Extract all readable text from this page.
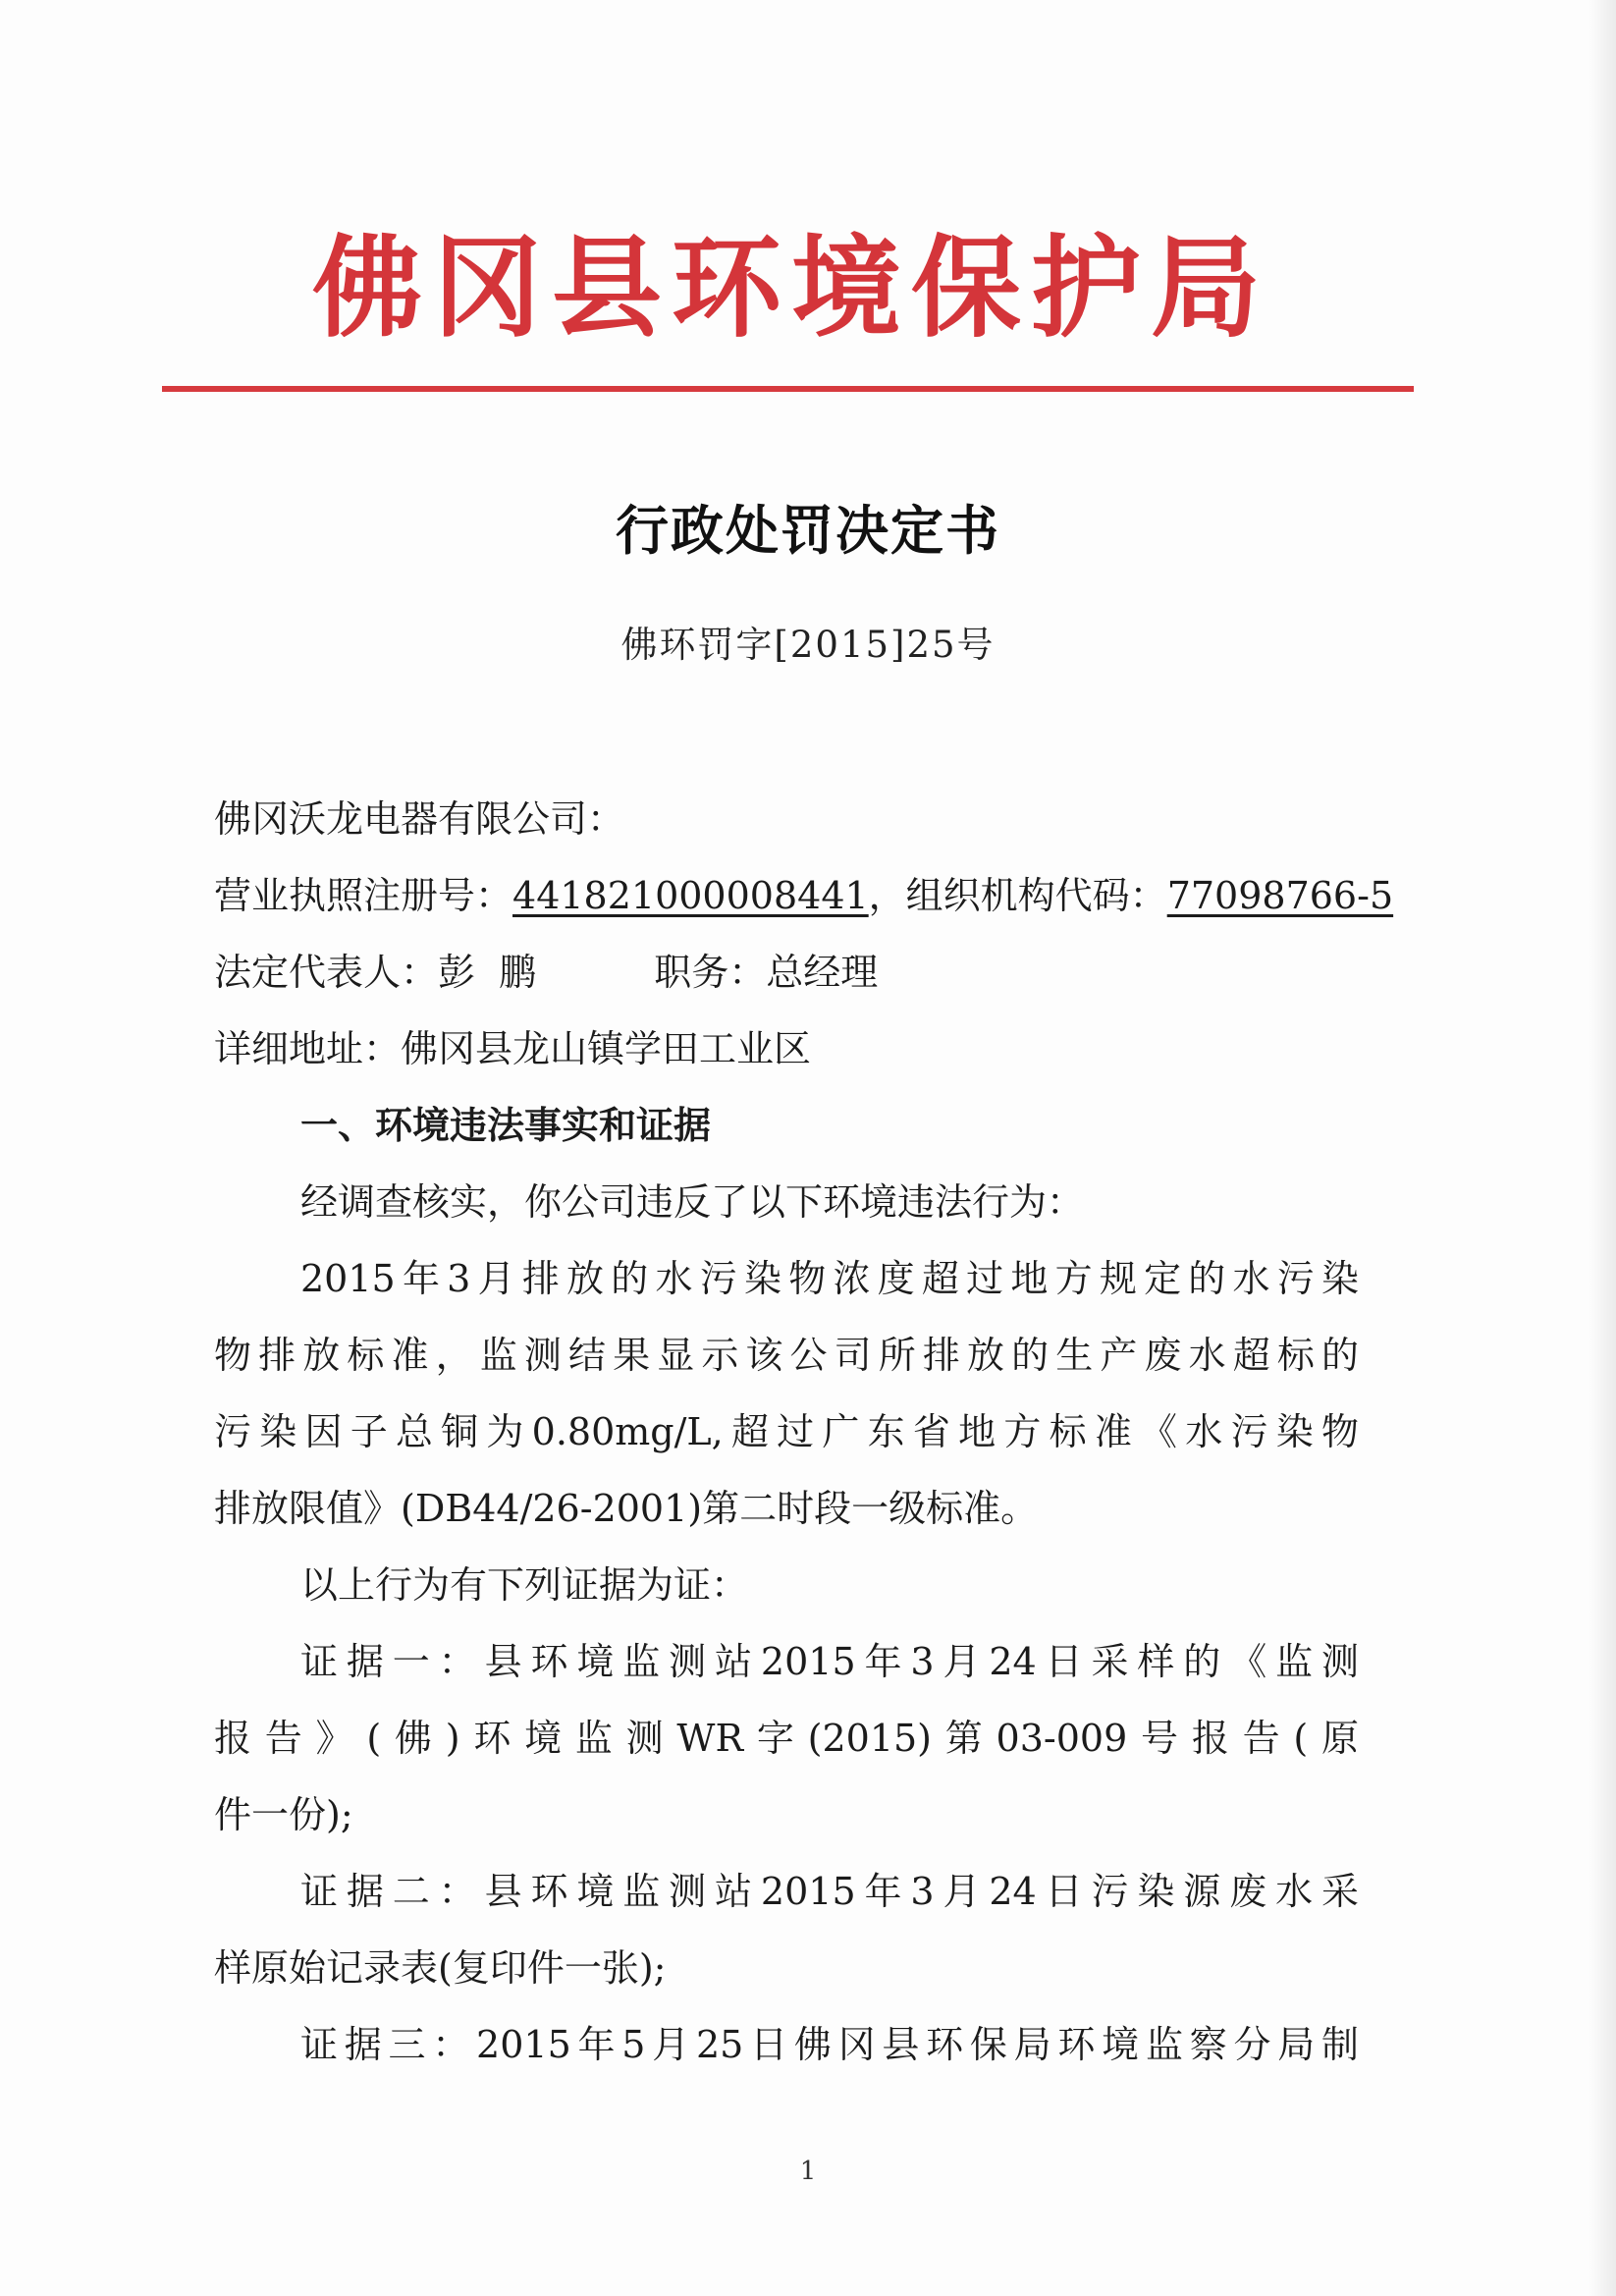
佛冈县环境保护局
行政处罚决定书
佛环罚字[2015]25号
佛冈沃龙电器有限公司：
营业执照注册号：441821000008441，组织机构代码：77098766-5
法定代表人：彭  鹏	职务：总经理
详细地址：佛冈县龙山镇学田工业区
一、环境违法事实和证据
经调查核实，你公司违反了以下环境违法行为：
2015年3月排放的水污染物浓度超过地方规定的水污染
物排放标准，监测结果显示该公司所排放的生产废水超标的
污染因子总铜为0.80mg/L,超过广东省地方标准《水污染物
排放限值》(DB44/26-2001)第二时段一级标准。
以上行为有下列证据为证：
证据一：县环境监测站2015年3月24日采样的《监测
报告》(佛)环境监测WR字(2015)第03-009号报告(原
件一份);
证据二：县环境监测站2015年3月24日污染源废水采
样原始记录表(复印件一张);
证据三：2015年5月25日佛冈县环保局环境监察分局制
1
